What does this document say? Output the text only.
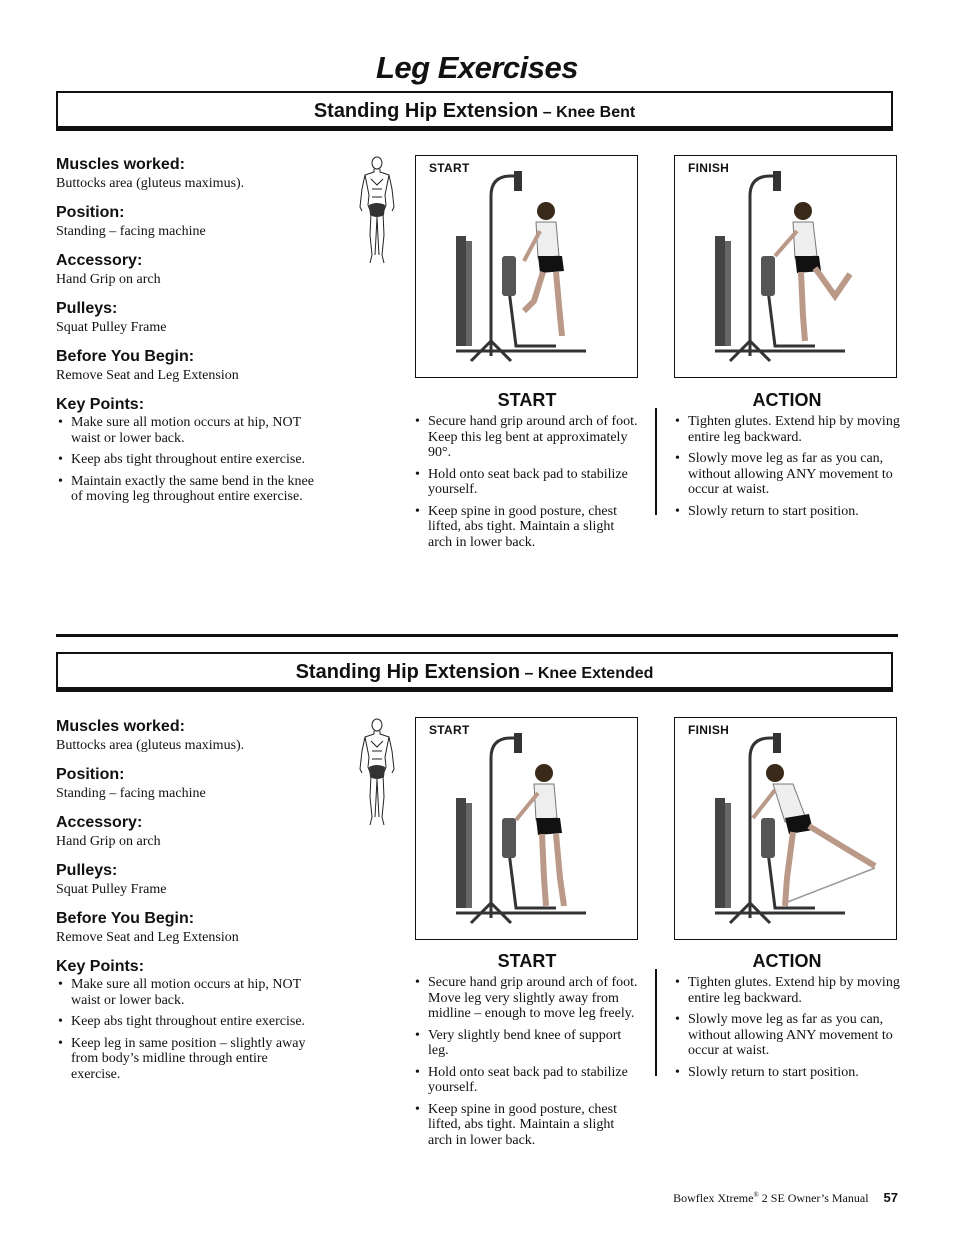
Leg Exercises
Standing Hip Extension – Knee Bent
Muscles worked:

Buttocks area (gluteus maximus).

Position:

Standing – facing machine

Accessory:

Hand Grip on arch

Pulleys:

Squat Pulley Frame

Before You Begin:

Remove Seat and Leg Extension

Key Points:
• Make sure all motion occurs at hip, NOT waist or lower back.
• Keep abs tight throughout entire exercise.
• Maintain exactly the same bend in the knee of moving leg throughout entire exercise.
START	FINISH
START
• Secure hand grip around arch of foot. Keep this leg bent at approximately 90°.
• Hold onto seat back pad to stabilize yourself.
• Keep spine in good posture, chest lifted, abs tight. Maintain a slight arch in lower back.
ACTION
• Tighten glutes. Extend hip by moving entire leg backward.
• Slowly move leg as far as you can, without allowing ANY movement to occur at waist.
• Slowly return to start position.
Standing Hip Extension – Knee Extended
Muscles worked:

Buttocks area (gluteus maximus).

Position:

Standing – facing machine

Accessory:

Hand Grip on arch

Pulleys:

Squat Pulley Frame

Before You Begin:

Remove Seat and Leg Extension

Key Points:
• Make sure all motion occurs at hip, NOT waist or lower back.
• Keep abs tight throughout entire exercise.
• Keep leg in same position – slightly away from body’s midline through entire exercise.
START	FINISH
START
• Secure hand grip around arch of foot. Move leg very slightly away from midline – enough to move leg freely.
• Very slightly bend knee of support leg.
• Hold onto seat back pad to stabilize yourself.
• Keep spine in good posture, chest lifted, abs tight. Maintain a slight arch in lower back.
ACTION
• Tighten glutes. Extend hip by moving entire leg backward.
• Slowly move leg as far as you can, without allowing ANY movement to occur at waist.
• Slowly return to start position.
Bowflex Xtreme® 2 SE Owner’s Manual 57
